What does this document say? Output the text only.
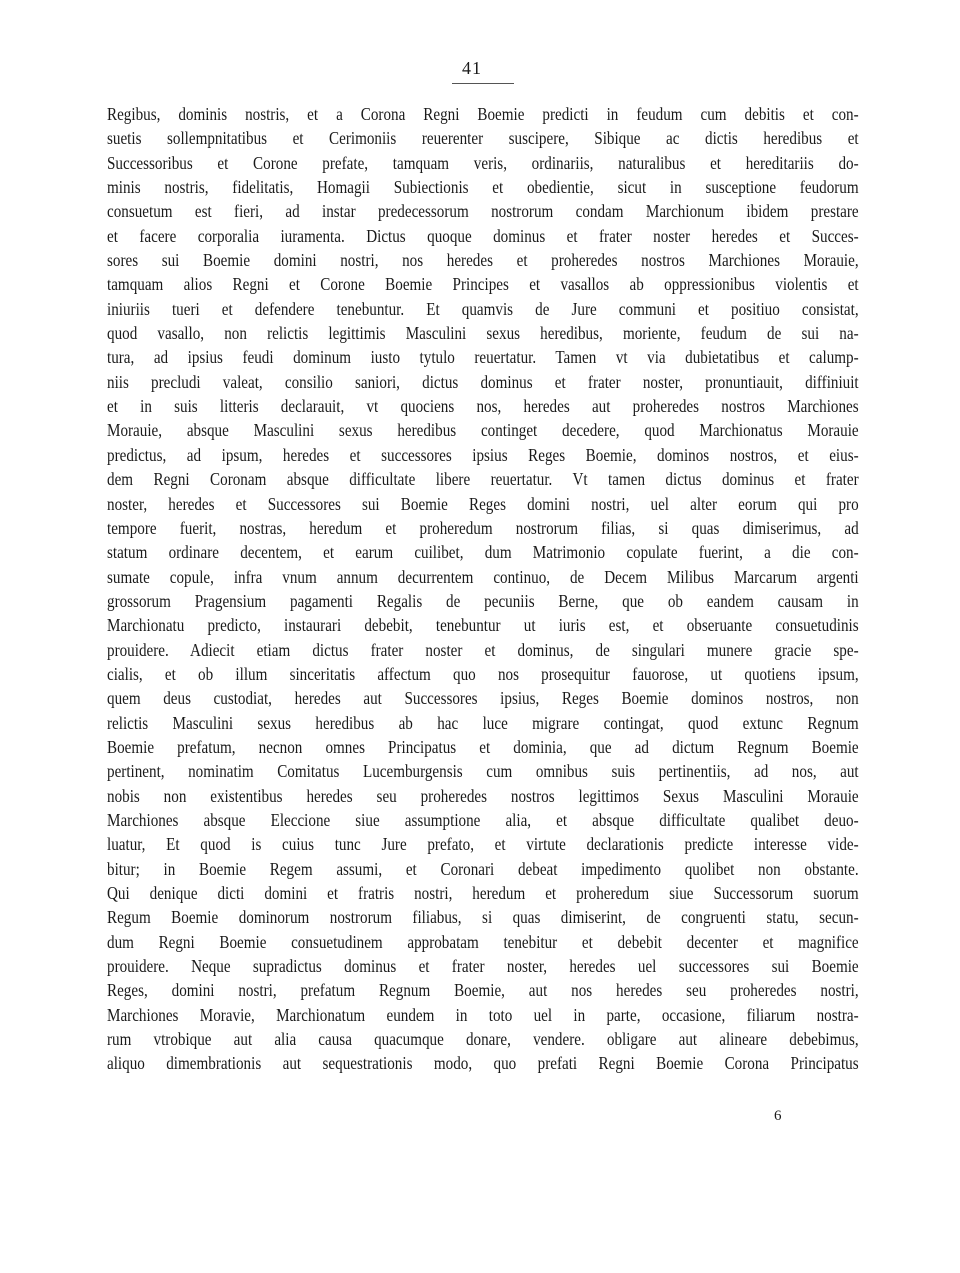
41
Regibus, dominis nostris, et a Corona Regni Boemie predicti in feudum cum debitis et con-
suetis sollempnitatibus et Cerimoniis reuerenter suscipere, Sibique ac dictis heredibus et
Successoribus et Corone prefate, tamquam veris, ordinariis, naturalibus et hereditariis do-
minis nostris, fidelitatis, Homagii Subiectionis et obedientie, sicut in susceptione feudorum
consuetum est fieri, ad instar predecessorum nostrorum condam Marchionum ibidem prestare
et facere corporalia iuramenta. Dictus quoque dominus et frater noster heredes et Succes-
sores sui Boemie domini nostri, nos heredes et proheredes nostros Marchiones Morauie,
tamquam alios Regni et Corone Boemie Principes et vasallos ab oppressionibus violentis et
iniuriis tueri et defendere tenebuntur. Et quamvis de Jure communi et positiuo consistat,
quod vasallo, non relictis legittimis Masculini sexus heredibus, moriente, feudum de sui na-
tura, ad ipsius feudi dominum iusto tytulo reuertatur. Tamen vt via dubietatibus et calump-
niis precludi valeat, consilio saniori, dictus dominus et frater noster, pronuntiauit, diffiniuit
et in suis litteris declarauit, vt quociens nos, heredes aut proheredes nostros Marchiones
Morauie, absque Masculini sexus heredibus continget decedere, quod Marchionatus Morauie
predictus, ad ipsum, heredes et successores ipsius Reges Boemie, dominos nostros, et eius-
dem Regni Coronam absque difficultate libere reuertatur. Vt tamen dictus dominus et frater
noster, heredes et Successores sui Boemie Reges domini nostri, uel alter eorum qui pro
tempore fuerit, nostras, heredum et proheredum nostrorum filias, si quas dimiserimus, ad
statum ordinare decentem, et earum cuilibet, dum Matrimonio copulate fuerint, a die con-
sumate copule, infra vnum annum decurrentem continuo, de Decem Milibus Marcarum argenti
grossorum Pragensium pagamenti Regalis de pecuniis Berne, que ob eandem causam in
Marchionatu predicto, instaurari debebit, tenebuntur ut iuris est, et obseruante consuetudinis
prouidere. Adiecit etiam dictus frater noster et dominus, de singulari munere gracie spe-
cialis, et ob illum sinceritatis affectum quo nos prosequitur fauorose, ut quotiens ipsum,
quem deus custodiat, heredes aut Successores ipsius, Reges Boemie dominos nostros, non
relictis Masculini sexus heredibus ab hac luce migrare contingat, quod extunc Regnum
Boemie prefatum, necnon omnes Principatus et dominia, que ad dictum Regnum Boemie
pertinent, nominatim Comitatus Lucemburgensis cum omnibus suis pertinentiis, ad nos, aut
nobis non existentibus heredes seu proheredes nostros legittimos Sexus Masculini Morauie
Marchiones absque Eleccione siue assumptione alia, et absque difficultate qualibet deuo-
luatur, Et quod is cuius tunc Jure prefato, et virtute declarationis predicte interesse vide-
bitur; in Boemie Regem assumi, et Coronari debeat impedimento quolibet non obstante.
Qui denique dicti domini et fratris nostri, heredum et proheredum siue Successorum suorum
Regum Boemie dominorum nostrorum filiabus, si quas dimiserint, de congruenti statu, secun-
dum Regni Boemie consuetudinem approbatam tenebitur et debebit decenter et magnifice
prouidere. Neque supradictus dominus et frater noster, heredes uel successores sui Boemie
Reges, domini nostri, prefatum Regnum Boemie, aut nos heredes seu proheredes nostri,
Marchiones Moravie, Marchionatum eundem in toto uel in parte, occasione, filiarum nostra-
rum vtrobique aut alia causa quacumque donare, vendere. obligare aut alineare debebimus,
aliquo dimembrationis aut sequestrationis modo, quo prefati Regni Boemie Corona Principatus
6
